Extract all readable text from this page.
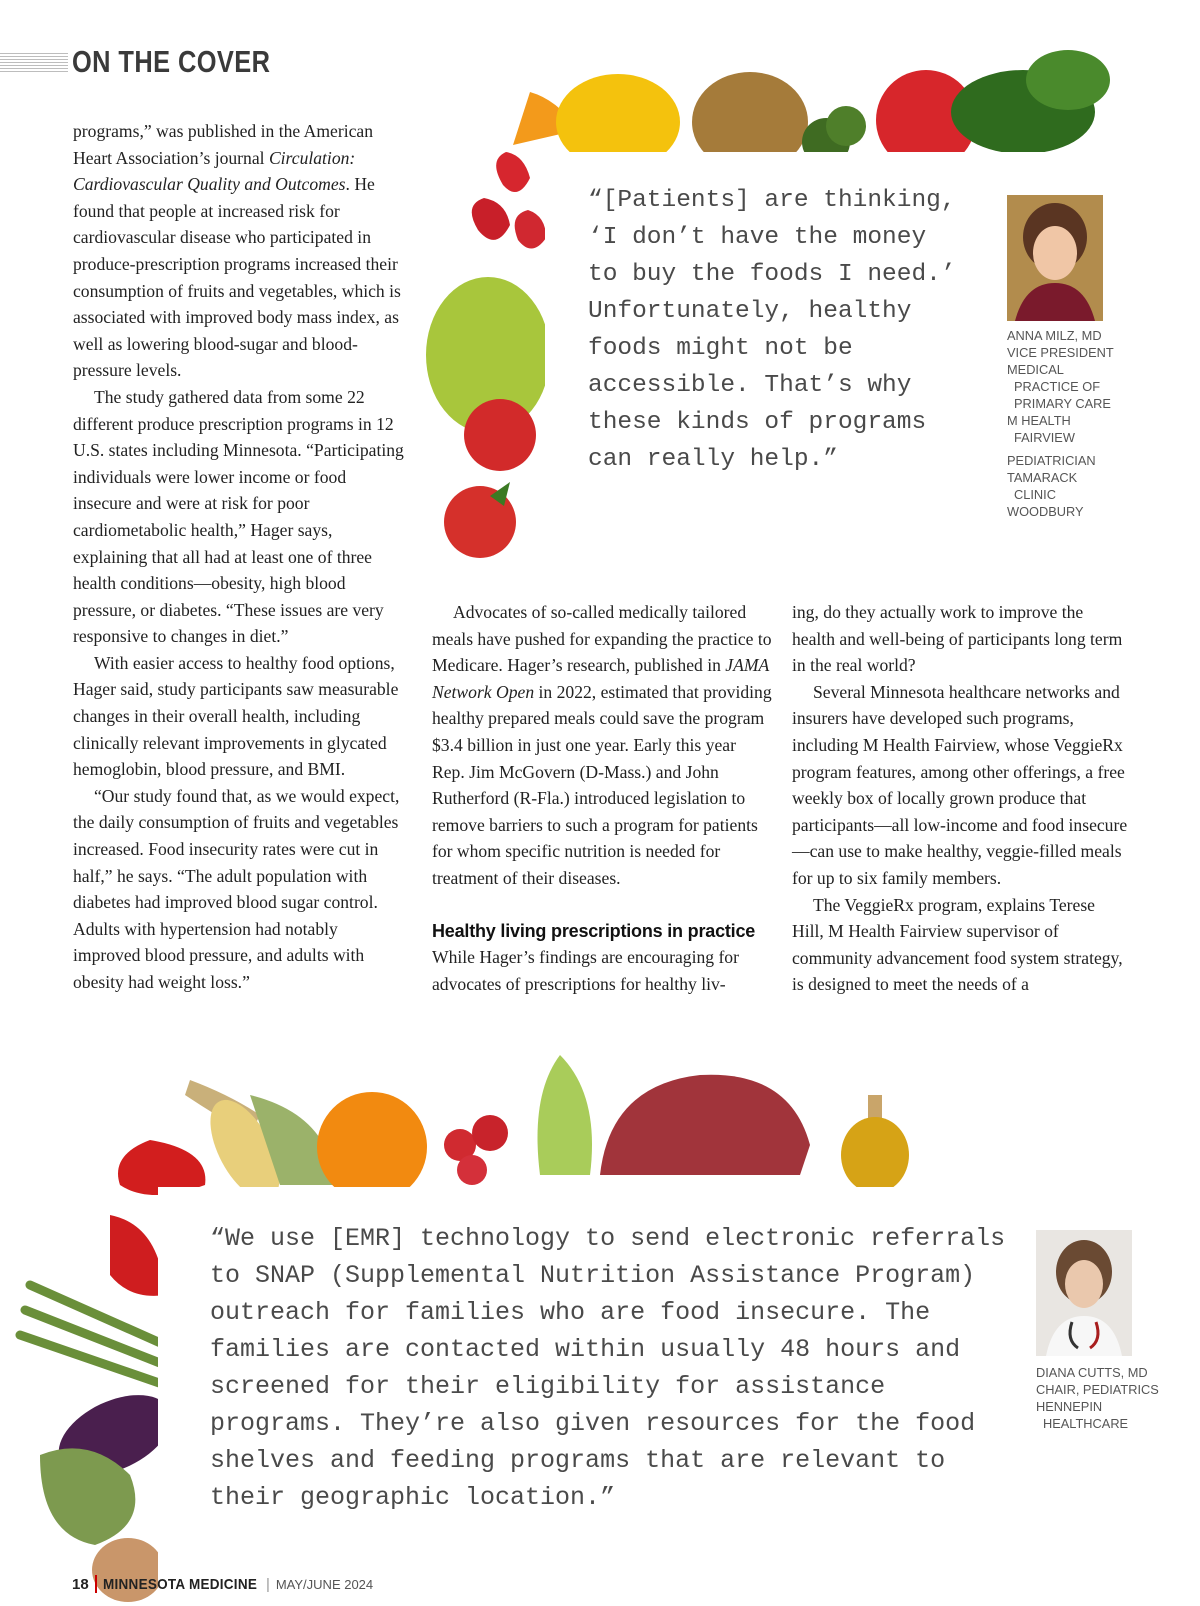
ON THE COVER

“[Patients] are thinking, ‘I don’t have the money to buy the foods I need.’ Unfortunately, healthy foods might not be accessible. That’s why these kinds of programs can really help.”

ANNA MILZ, MD
VICE PRESIDENT
MEDICAL
PRACTICE OF
PRIMARY CARE
M HEALTH
FAIRVIEW
PEDIATRICIAN
TAMARACK
CLINIC
WOODBURY

programs,” was published in the American Heart Association’s journal Circulation: Cardiovascular Quality and Outcomes. He found that people at increased risk for cardiovascular disease who participated in produce-prescription programs increased their consumption of fruits and vegetables, which is associated with improved body mass index, as well as lowering blood-sugar and blood-pressure levels.

The study gathered data from some 22 different produce prescription programs in 12 U.S. states including Minnesota. “Participating individuals were lower income or food insecure and were at risk for poor cardiometabolic health,” Hager says, explaining that all had at least one of three health conditions—obesity, high blood pressure, or diabetes. “These issues are very responsive to changes in diet.”

With easier access to healthy food options, Hager said, study participants saw measurable changes in their overall health, including clinically relevant improvements in glycated hemoglobin, blood pressure, and BMI.

“Our study found that, as we would expect, the daily consumption of fruits and vegetables increased. Food insecurity rates were cut in half,” he says. “The adult population with diabetes had improved blood sugar control. Adults with hypertension had notably improved blood pressure, and adults with obesity had weight loss.”

Advocates of so-called medically tailored meals have pushed for expanding the practice to Medicare. Hager’s research, published in JAMA Network Open in 2022, estimated that providing healthy prepared meals could save the program $3.4 billion in just one year. Early this year Rep. Jim McGovern (D-Mass.) and John Rutherford (R-Fla.) introduced legislation to remove barriers to such a program for patients for whom specific nutrition is needed for treatment of their diseases.

Healthy living prescriptions in practice

While Hager’s findings are encouraging for advocates of prescriptions for healthy liv-

ing, do they actually work to improve the health and well-being of participants long term in the real world?

Several Minnesota healthcare networks and insurers have developed such programs, including M Health Fairview, whose VeggieRx program features, among other offerings, a free weekly box of locally grown produce that participants—all low-income and food insecure—can use to make healthy, veggie-filled meals for up to six family members.

The VeggieRx program, explains Terese Hill, M Health Fairview supervisor of community advancement food system strategy, is designed to meet the needs of a

“We use [EMR] technology to send electronic referrals to SNAP (Supplemental Nutrition Assistance Program) outreach for families who are food insecure. The families are contacted within usually 48 hours and screened for their eligibility for assistance programs. They’re also given resources for the food shelves and feeding programs that are relevant to their geographic location.”

DIANA CUTTS, MD
CHAIR, PEDIATRICS
HENNEPIN
HEALTHCARE
18 MINNESOTA MEDICINE | MAY/JUNE 2024
